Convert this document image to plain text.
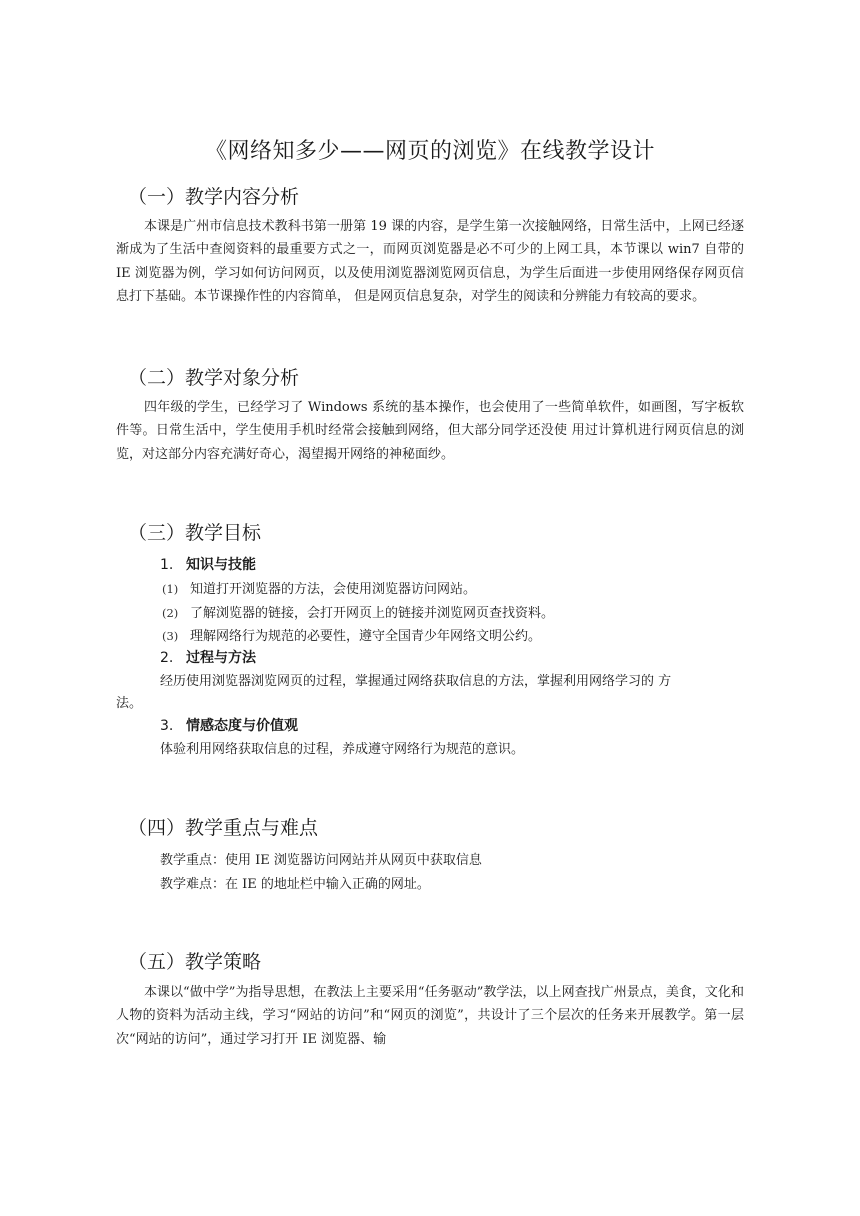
《网络知多少——网页的浏览》在线教学设计
（一）教学内容分析

本课是广州市信息技术教科书第一册第 19 课的内容，是学生第一次接触网络，日常生活中，上网已经逐渐成为了生活中查阅资料的最重要方式之一，而网页浏览器是必不可少的上网工具，本节课以 win7 自带的 IE 浏览器为例，学习如何访问网页，以及使用浏览器浏览网页信息，为学生后面进一步使用网络保存网页信息打下基础。本节课操作性的内容简单， 但是网页信息复杂，对学生的阅读和分辨能力有较高的要求。

（二）教学对象分析

四年级的学生，已经学习了 Windows 系统的基本操作，也会使用了一些简单软件，如画图，写字板软件等。日常生活中，学生使用手机时经常会接触到网络，但大部分同学还没使 用过计算机进行网页信息的浏览，对这部分内容充满好奇心，渴望揭开网络的神秘面纱。

（三）教学目标
1. 知识与技能
(1) 知道打开浏览器的方法，会使用浏览器访问网站。
(2) 了解浏览器的链接，会打开网页上的链接并浏览网页查找资料。
(3) 理解网络行为规范的必要性，遵守全国青少年网络文明公约。
2. 过程与方法
经历使用浏览器浏览网页的过程，掌握通过网络获取信息的方法，掌握利用网络学习的 方
法。
3. 情感态度与价值观
体验利用网络获取信息的过程，养成遵守网络行为规范的意识。
（四）教学重点与难点
教学重点：使用 IE 浏览器访问网站并从网页中获取信息
教学难点：在 IE 的地址栏中输入正确的网址。
（五）教学策略

本课以“做中学”为指导思想，在教法上主要采用“任务驱动”教学法，以上网查找广州景点，美食，文化和人物的资料为活动主线，学习“网站的访问”和“网页的浏览”，共设计了三个层次的任务来开展教学。第一层次“网站的访问”，通过学习打开 IE 浏览器、输
